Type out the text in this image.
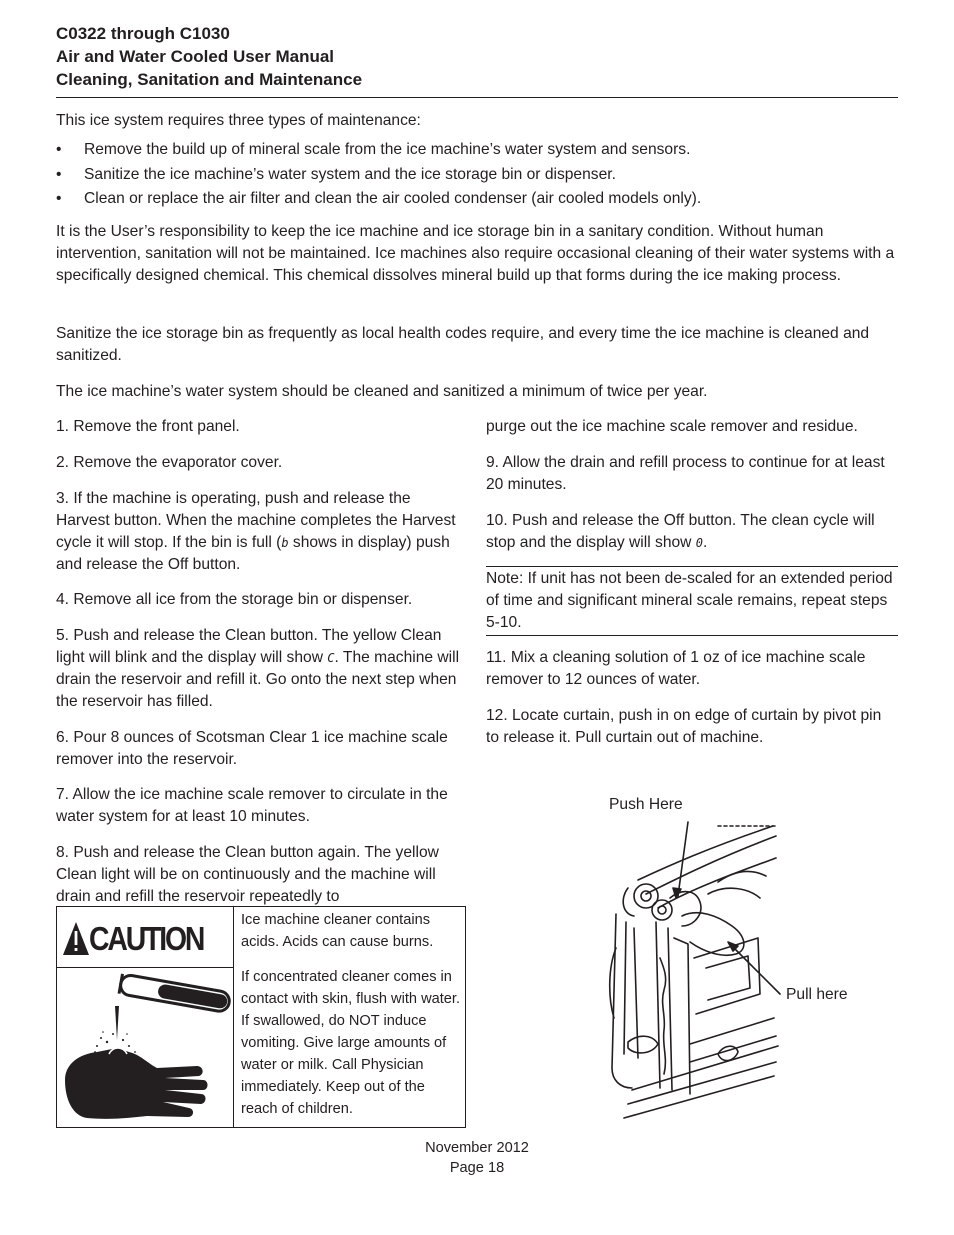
C0322 through C1030
Air and Water Cooled User Manual
Cleaning, Sanitation and Maintenance

This ice system requires three types of maintenance:

• Remove the build up of mineral scale from the ice machine’s water system and sensors.
• Sanitize the ice machine’s water system and the ice storage bin or dispenser.
• Clean or replace the air filter and clean the air cooled condenser (air cooled models only).

It is the User’s responsibility to keep the ice machine and ice storage bin in a sanitary condition. Without human intervention, sanitation will not be maintained. Ice machines also require occasional cleaning of their water systems with a specifically designed chemical. This chemical dissolves mineral build up that forms during the ice making process.

Sanitize the ice storage bin as frequently as local health codes require, and every time the ice machine is cleaned and sanitized.

The ice machine’s water system should be cleaned and sanitized a minimum of twice per year.

1. Remove the front panel.
2. Remove the evaporator cover.
3. If the machine is operating, push and release the Harvest button. When the machine completes the Harvest cycle it will stop. If the bin is full (b shows in display) push and release the Off button.
4. Remove all ice from the storage bin or dispenser.
5. Push and release the Clean button. The yellow Clean light will blink and the display will show C. The machine will drain the reservoir and refill it. Go onto the next step when the reservoir has filled.
6. Pour 8 ounces of Scotsman Clear 1 ice machine scale remover into the reservoir.
7. Allow the ice machine scale remover to circulate in the water system for at least 10 minutes.
8. Push and release the Clean button again. The yellow Clean light will be on continuously and the machine will drain and refill the reservoir repeatedly to
purge out the ice machine scale remover and residue.
9. Allow the drain and refill process to continue for at least 20 minutes.
10. Push and release the Off button. The clean cycle will stop and the display will show 0.
Note: If unit has not been de-scaled for an extended period of time and significant mineral scale remains, repeat steps 5-10.
11. Mix a cleaning solution of 1 oz of ice machine scale remover to 12 ounces of water.
12. Locate curtain, push in on edge of curtain by pivot pin to release it. Pull curtain out of machine.
CAUTION	Ice machine cleaner contains acids. Acids can cause burns.
If concentrated cleaner comes in contact with skin, flush with water. If swallowed, do NOT induce vomiting. Give large amounts of water or milk. Call Physician immediately. Keep out of the reach of children.
Push Here
Pull here
November 2012
Page 18
